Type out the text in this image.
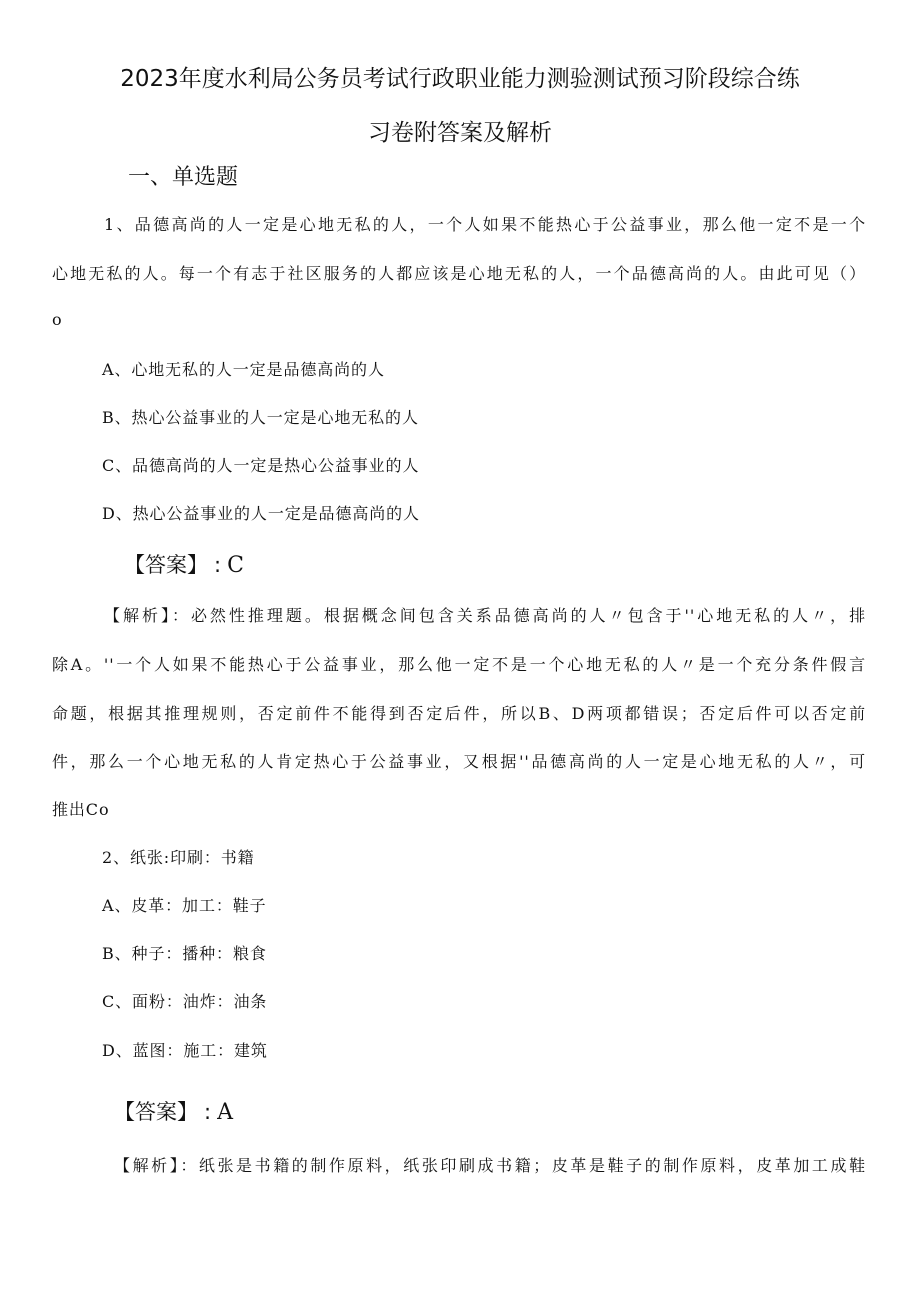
2023年度水利局公务员考试行政职业能力测验测试预习阶段综合练
习卷附答案及解析
一、单选题
1、品德高尚的人一定是心地无私的人，一个人如果不能热心于公益事业，那么他一定不是一个
心地无私的人。每一个有志于社区服务的人都应该是心地无私的人，一个品德高尚的人。由此可见（）
o
A、心地无私的人一定是品德高尚的人
B、热心公益事业的人一定是心地无私的人
C、品德高尚的人一定是热心公益事业的人
D、热心公益事业的人一定是品德高尚的人
【答案】 : C
【解析】：必然性推理题。根据概念间包含关系品德高尚的人〃包含于''心地无私的人〃，排
除A。''一个人如果不能热心于公益事业，那么他一定不是一个心地无私的人〃是一个充分条件假言
命题，根据其推理规则，否定前件不能得到否定后件，所以B、D两项都错误；否定后件可以否定前
件，那么一个心地无私的人肯定热心于公益事业，又根据''品德高尚的人一定是心地无私的人〃，可
推出Co
2、纸张:印刷：书籍
A、皮革：加工：鞋子
B、种子：播种：粮食
C、面粉：油炸：油条
D、蓝图：施工：建筑
【答案】 : A
【解析】：纸张是书籍的制作原料，纸张印刷成书籍；皮革是鞋子的制作原料，皮革加工成鞋
